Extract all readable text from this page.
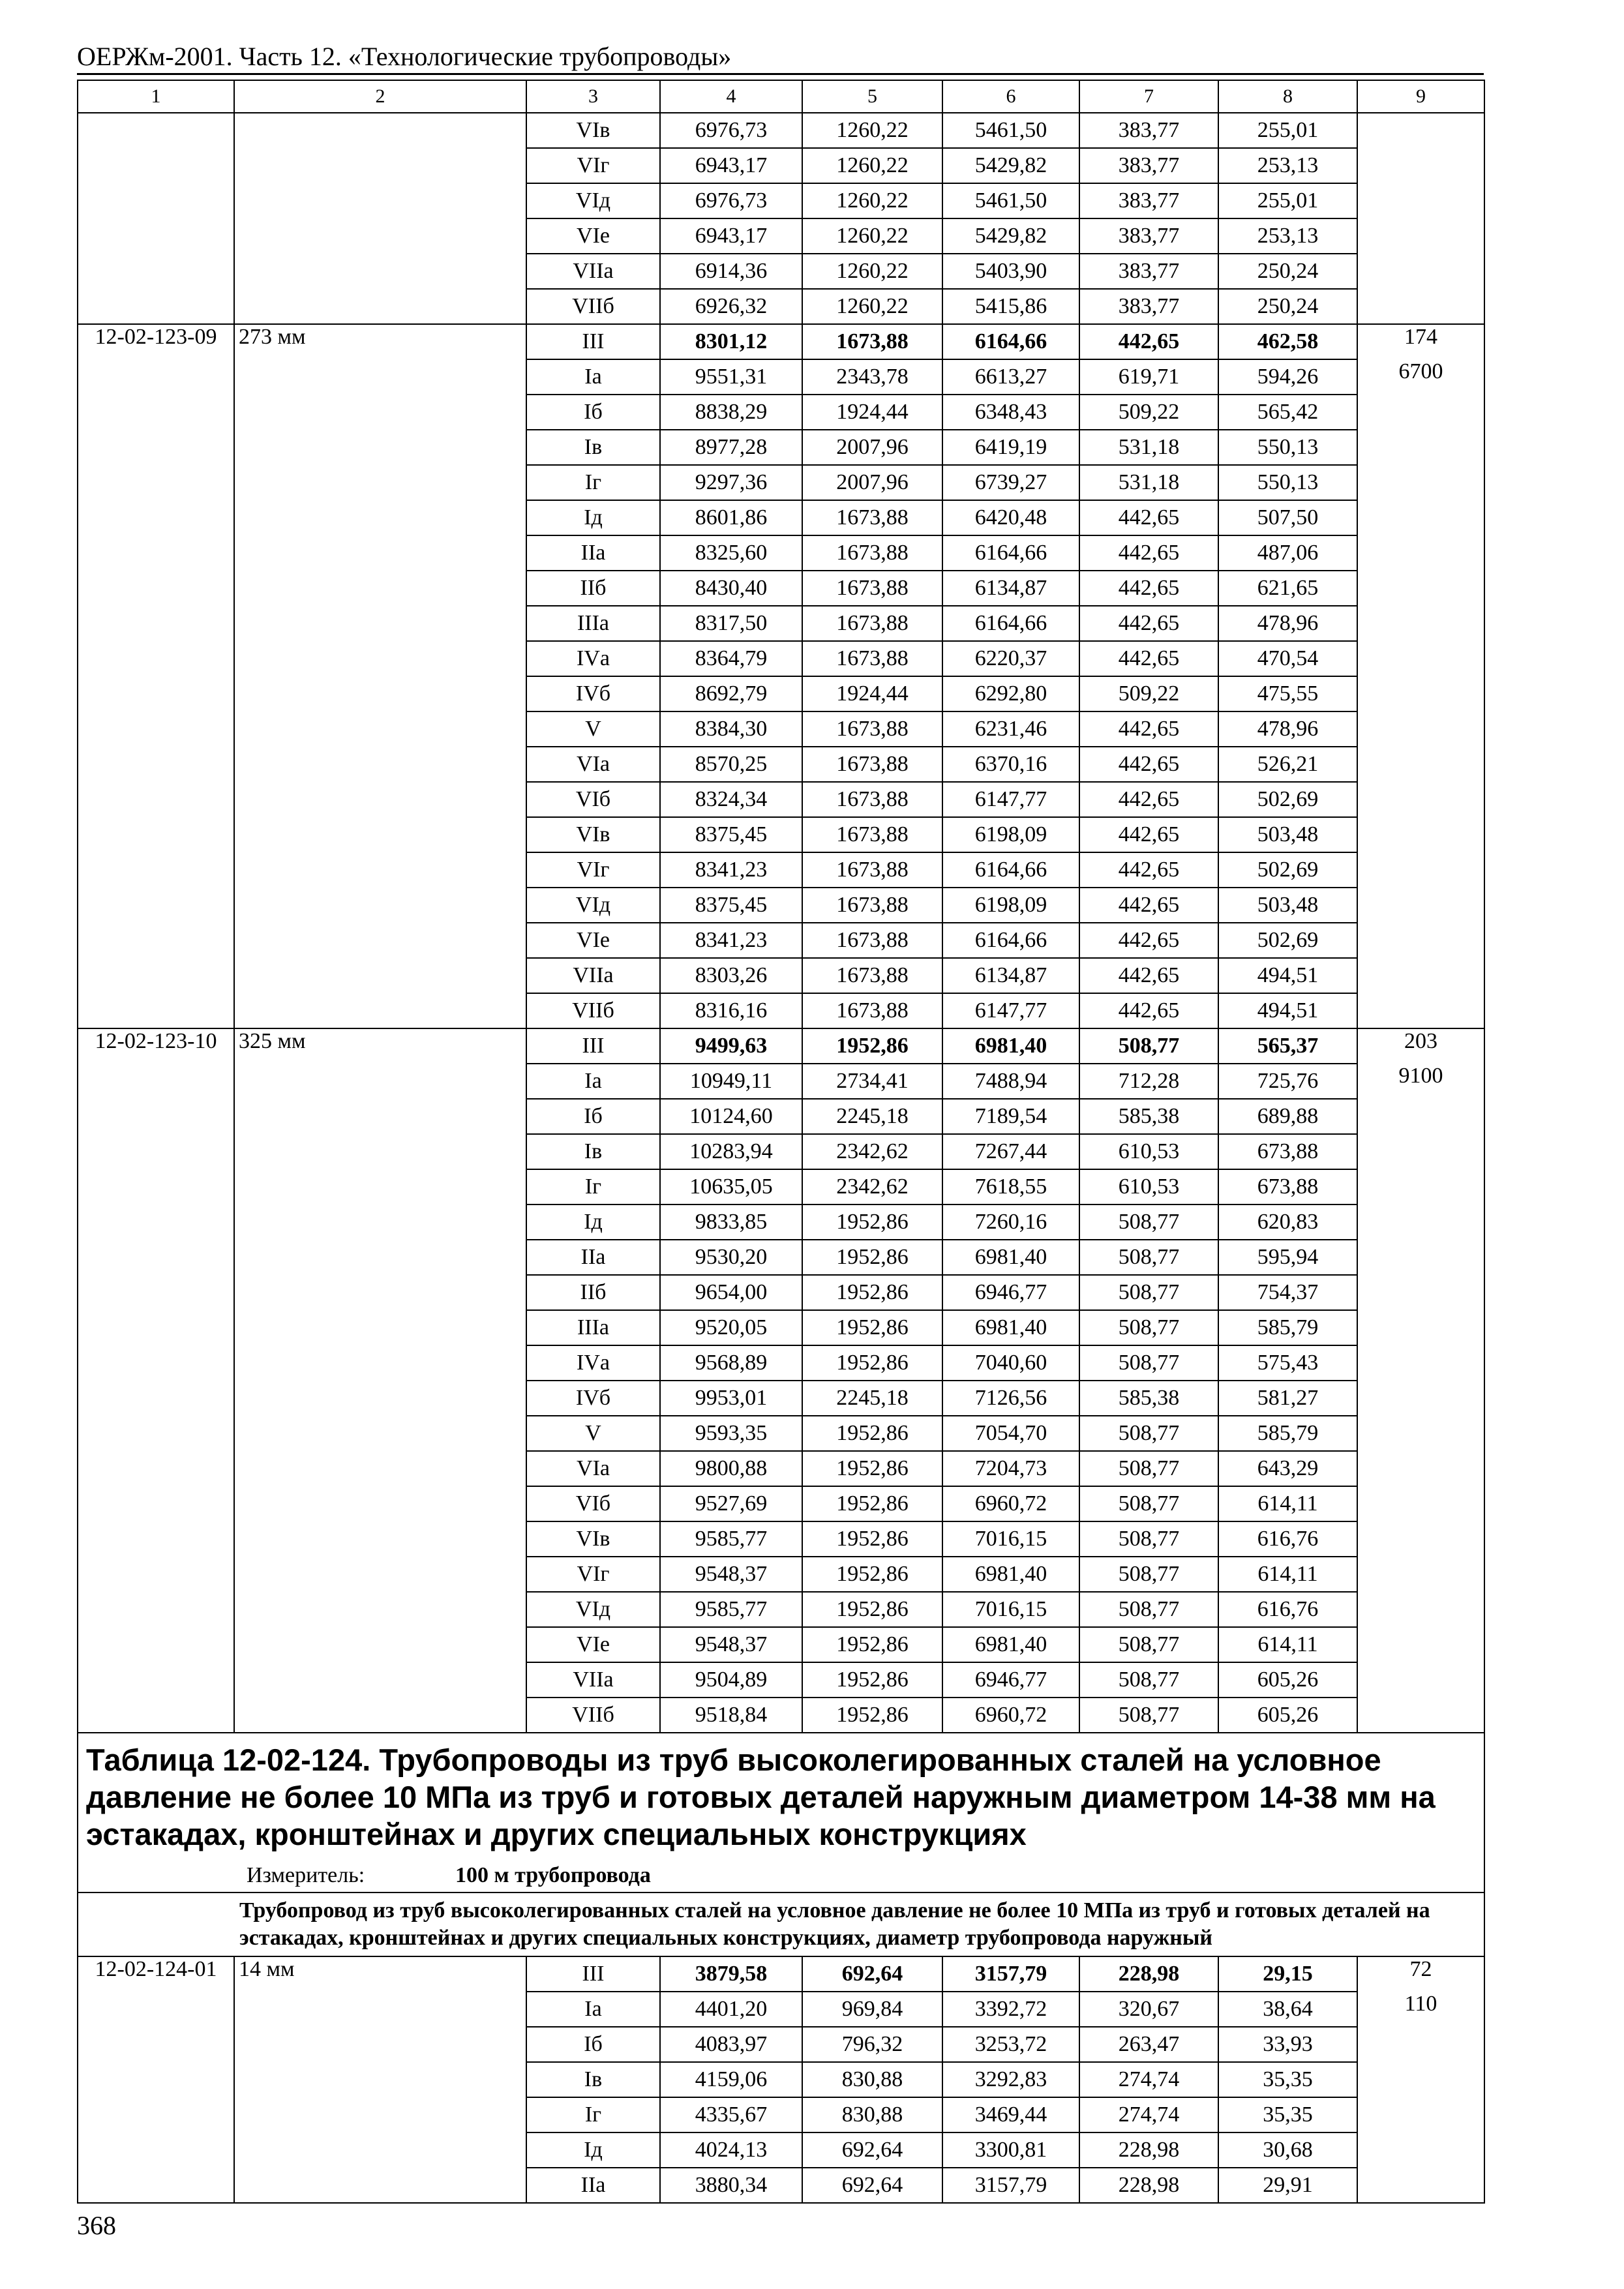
ОЕРЖм-2001. Часть 12. «Технологические трубопроводы»
1	2	3	4	5	6	7	8	9
		VIв	6976,73	1260,22	5461,50	383,77	255,01	
		VIг	6943,17	1260,22	5429,82	383,77	253,13	
		VIд	6976,73	1260,22	5461,50	383,77	255,01	
		VIе	6943,17	1260,22	5429,82	383,77	253,13	
		VIIа	6914,36	1260,22	5403,90	383,77	250,24	
		VIIб	6926,32	1260,22	5415,86	383,77	250,24	
12-02-123-09	273 мм	III	8301,12	1673,88	6164,66	442,65	462,58	174
		Iа	9551,31	2343,78	6613,27	619,71	594,26	6700
		Iб	8838,29	1924,44	6348,43	509,22	565,42	
		Iв	8977,28	2007,96	6419,19	531,18	550,13	
		Iг	9297,36	2007,96	6739,27	531,18	550,13	
		Iд	8601,86	1673,88	6420,48	442,65	507,50	
		IIа	8325,60	1673,88	6164,66	442,65	487,06	
		IIб	8430,40	1673,88	6134,87	442,65	621,65	
		IIIа	8317,50	1673,88	6164,66	442,65	478,96	
		IVа	8364,79	1673,88	6220,37	442,65	470,54	
		IVб	8692,79	1924,44	6292,80	509,22	475,55	
		V	8384,30	1673,88	6231,46	442,65	478,96	
		VIа	8570,25	1673,88	6370,16	442,65	526,21	
		VIб	8324,34	1673,88	6147,77	442,65	502,69	
		VIв	8375,45	1673,88	6198,09	442,65	503,48	
		VIг	8341,23	1673,88	6164,66	442,65	502,69	
		VIд	8375,45	1673,88	6198,09	442,65	503,48	
		VIе	8341,23	1673,88	6164,66	442,65	502,69	
		VIIа	8303,26	1673,88	6134,87	442,65	494,51	
		VIIб	8316,16	1673,88	6147,77	442,65	494,51	
12-02-123-10	325 мм	III	9499,63	1952,86	6981,40	508,77	565,37	203
		Iа	10949,11	2734,41	7488,94	712,28	725,76	9100
		Iб	10124,60	2245,18	7189,54	585,38	689,88	
		Iв	10283,94	2342,62	7267,44	610,53	673,88	
		Iг	10635,05	2342,62	7618,55	610,53	673,88	
		Iд	9833,85	1952,86	7260,16	508,77	620,83	
		IIа	9530,20	1952,86	6981,40	508,77	595,94	
		IIб	9654,00	1952,86	6946,77	508,77	754,37	
		IIIа	9520,05	1952,86	6981,40	508,77	585,79	
		IVа	9568,89	1952,86	7040,60	508,77	575,43	
		IVб	9953,01	2245,18	7126,56	585,38	581,27	
		V	9593,35	1952,86	7054,70	508,77	585,79	
		VIа	9800,88	1952,86	7204,73	508,77	643,29	
		VIб	9527,69	1952,86	6960,72	508,77	614,11	
		VIв	9585,77	1952,86	7016,15	508,77	616,76	
		VIг	9548,37	1952,86	6981,40	508,77	614,11	
		VIд	9585,77	1952,86	7016,15	508,77	616,76	
		VIе	9548,37	1952,86	6981,40	508,77	614,11	
		VIIа	9504,89	1952,86	6946,77	508,77	605,26	
		VIIб	9518,84	1952,86	6960,72	508,77	605,26	
Таблица 12-02-124. Трубопроводы из труб высоколегированных сталей на условное давление не более 10 МПа из труб и готовых деталей наружным диаметром 14-38 мм на эстакадах, кронштейнах и других специальных конструкциях								
Измеритель: 100 м трубопровода								
	Трубопровод из труб высоколегированных сталей на условное давление не более 10 МПа из труб и готовых деталей на эстакадах, кронштейнах и других специальных конструкциях, диаметр трубопровода наружный							
12-02-124-01	14 мм	III	3879,58	692,64	3157,79	228,98	29,15	72
		Iа	4401,20	969,84	3392,72	320,67	38,64	110
		Iб	4083,97	796,32	3253,72	263,47	33,93	
		Iв	4159,06	830,88	3292,83	274,74	35,35	
		Iг	4335,67	830,88	3469,44	274,74	35,35	
		Iд	4024,13	692,64	3300,81	228,98	30,68	
		IIа	3880,34	692,64	3157,79	228,98	29,91	
368
